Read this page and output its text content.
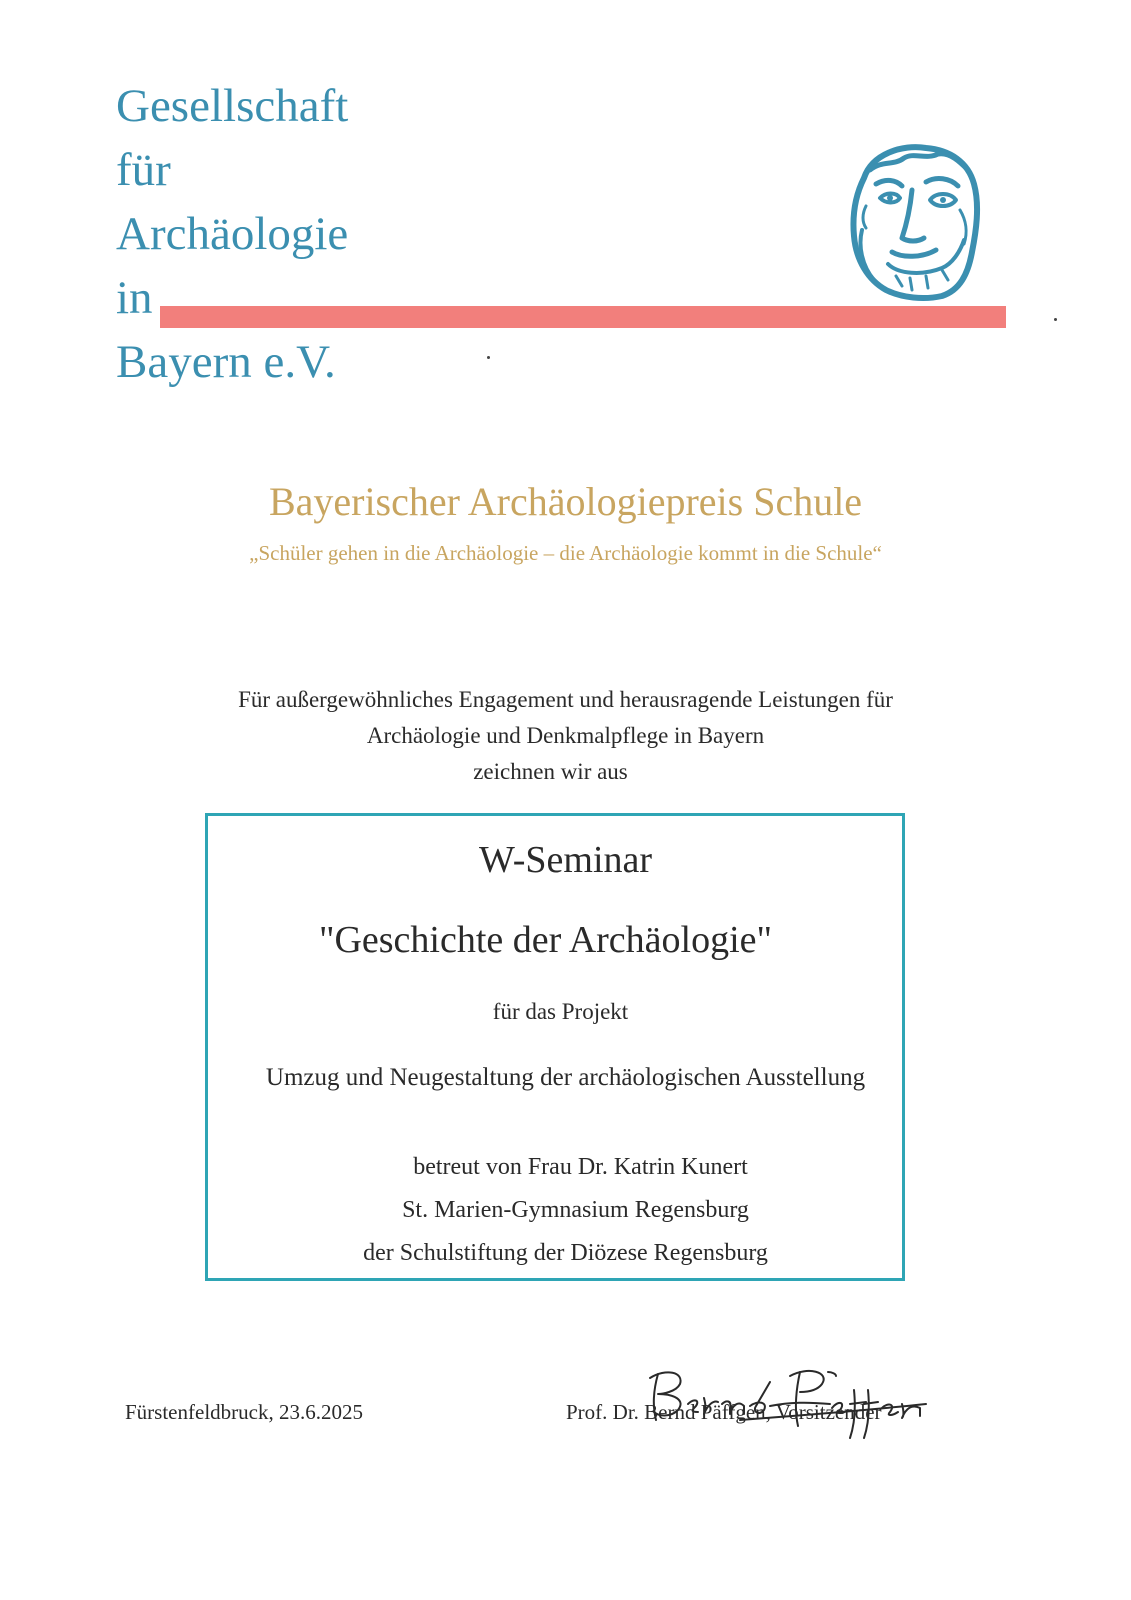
Gesellschaft
für
Archäologie
in
Bayern e.V.
Bayerischer Archäologiepreis Schule
„Schüler gehen in die Archäologie – die Archäologie kommt in die Schule“
Für außergewöhnliches Engagement und herausragende Leistungen für
Archäologie und Denkmalpflege in Bayern
zeichnen wir aus
W-Seminar
"Geschichte der Archäologie"
für das Projekt
Umzug und Neugestaltung der archäologischen Ausstellung
betreut von Frau Dr. Katrin Kunert
St. Marien-Gymnasium Regensburg
der Schulstiftung der Diözese Regensburg
Fürstenfeldbruck, 23.6.2025	Prof. Dr. Bernd Päffgen, Vorsitzender
